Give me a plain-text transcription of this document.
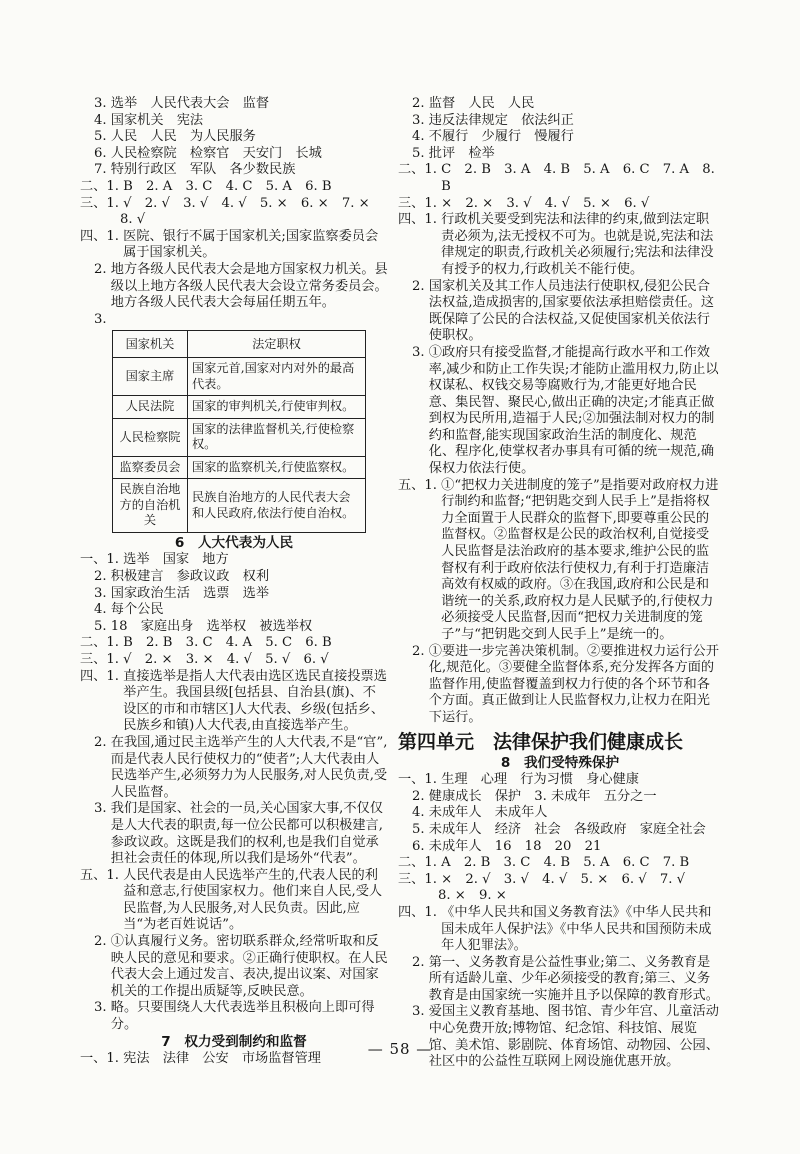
3. 选举　人民代表大会　监督
4. 国家机关　宪法
5. 人民　人民　为人民服务
6. 人民检察院　检察官　天安门　长城
7. 特别行政区　军队　各少数民族
二、1. B　2. A　3. C　4. C　5. A　6. B
三、1. √　2. √　3. √　4. √　5. ×　6. ×　7. ×
8. √
四、1. 医院、银行不属于国家机关;国家监察委员会属于国家机关。
2. 地方各级人民代表大会是地方国家权力机关。县级以上地方各级人民代表大会设立常务委员会。地方各级人民代表大会每届任期五年。
3.
国家机关	法定职权
国家主席	国家元首,国家对内对外的最高代表。
人民法院	国家的审判机关,行使审判权。
人民检察院	国家的法律监督机关,行使检察权。
监察委员会	国家的监察机关,行使监察权。
民族自治地方的自治机关	民族自治地方的人民代表大会和人民政府,依法行使自治权。
6　人大代表为人民
一、1. 选举　国家　地方
2. 积极建言　参政议政　权利
3. 国家政治生活　选票　选举
4. 每个公民
5. 18　家庭出身　选举权　被选举权
二、1. B　2. B　3. C　4. A　5. C　6. B
三、1. √　2. ×　3. ×　4. √　5. √　6. √
四、1. 直接选举是指人大代表由选区选民直接投票选举产生。我国县级[包括县、自治县(旗)、不设区的市和市辖区]人大代表、乡级(包括乡、民族乡和镇)人大代表,由直接选举产生。
2. 在我国,通过民主选举产生的人大代表,不是“官”,而是代表人民行使权力的“使者”;人大代表由人民选举产生,必须努力为人民服务,对人民负责,受人民监督。
3. 我们是国家、社会的一员,关心国家大事,不仅仅是人大代表的职责,每一位公民都可以积极建言,参政议政。这既是我们的权利,也是我们自觉承担社会责任的体现,所以我们是场外“代表”。
五、1. 人民代表是由人民选举产生的,代表人民的利益和意志,行使国家权力。他们来自人民,受人民监督,为人民服务,对人民负责。因此,应当“为老百姓说话”。
2. ①认真履行义务。密切联系群众,经常听取和反映人民的意见和要求。②正确行使职权。在人民代表大会上通过发言、表决,提出议案、对国家机关的工作提出质疑等,反映民意。
3. 略。只要围绕人大代表选举且积极向上即可得分。
7　权力受到制约和监督
一、1. 宪法　法律　公安　市场监督管理
2. 监督　人民　人民
3. 违反法律规定　依法纠正
4. 不履行　少履行　慢履行
5. 批评　检举
二、1. C　2. B　3. A　4. B　5. A　6. C　7. A　8. B
三、1. ×　2. ×　3. √　4. √　5. ×　6. √
四、1. 行政机关要受到宪法和法律的约束,做到法定职责必须为,法无授权不可为。也就是说,宪法和法律规定的职责,行政机关必须履行;宪法和法律没有授予的权力,行政机关不能行使。
2. 国家机关及其工作人员违法行使职权,侵犯公民合法权益,造成损害的,国家要依法承担赔偿责任。这既保障了公民的合法权益,又促使国家机关依法行使职权。
3. ①政府只有接受监督,才能提高行政水平和工作效率,减少和防止工作失误;才能防止滥用权力,防止以权谋私、权钱交易等腐败行为,才能更好地合民意、集民智、聚民心,做出正确的决定;才能真正做到权为民所用,造福于人民;②加强法制对权力的制约和监督,能实现国家政治生活的制度化、规范化、程序化,使掌权者办事具有可循的统一规范,确保权力依法行使。
五、1. ①“把权力关进制度的笼子”是指要对政府权力进行制约和监督;“把钥匙交到人民手上”是指将权力全面置于人民群众的监督下,即要尊重公民的监督权。②监督权是公民的政治权利,自觉接受人民监督是法治政府的基本要求,维护公民的监督权有利于政府依法行使权力,有利于打造廉洁高效有权威的政府。③在我国,政府和公民是和谐统一的关系,政府权力是人民赋予的,行使权力必须接受人民监督,因而“把权力关进制度的笼子”与“把钥匙交到人民手上”是统一的。
2. ①要进一步完善决策机制。②要推进权力运行公开化,规范化。③要健全监督体系,充分发挥各方面的监督作用,使监督覆盖到权力行使的各个环节和各个方面。真正做到让人民监督权力,让权力在阳光下运行。
第四单元　法律保护我们健康成长
8　我们受特殊保护
一、1. 生理　心理　行为习惯　身心健康
2. 健康成长　保护　3. 未成年　五分之一
4. 未成年人　未成年人
5. 未成年人　经济　社会　各级政府　家庭全社会
6. 未成年人　16　18　20　21
二、1. A　2. B　3. C　4. B　5. A　6. C　7. B
三、1. ×　2. √　3. √　4. √　5. ×　6. √　7. √
8. ×　9. ×
四、1. 《中华人民共和国义务教育法》《中华人民共和国未成年人保护法》《中华人民共和国预防未成年人犯罪法》。
2. 第一、义务教育是公益性事业;第二、义务教育是所有适龄儿童、少年必须接受的教育;第三、义务教育是由国家统一实施并且予以保障的教育形式。
3. 爱国主义教育基地、图书馆、青少年宫、儿童活动中心免费开放;博物馆、纪念馆、科技馆、展览馆、美术馆、影剧院、体育场馆、动物园、公园、社区中的公益性互联网上网设施优惠开放。
— 58 —
